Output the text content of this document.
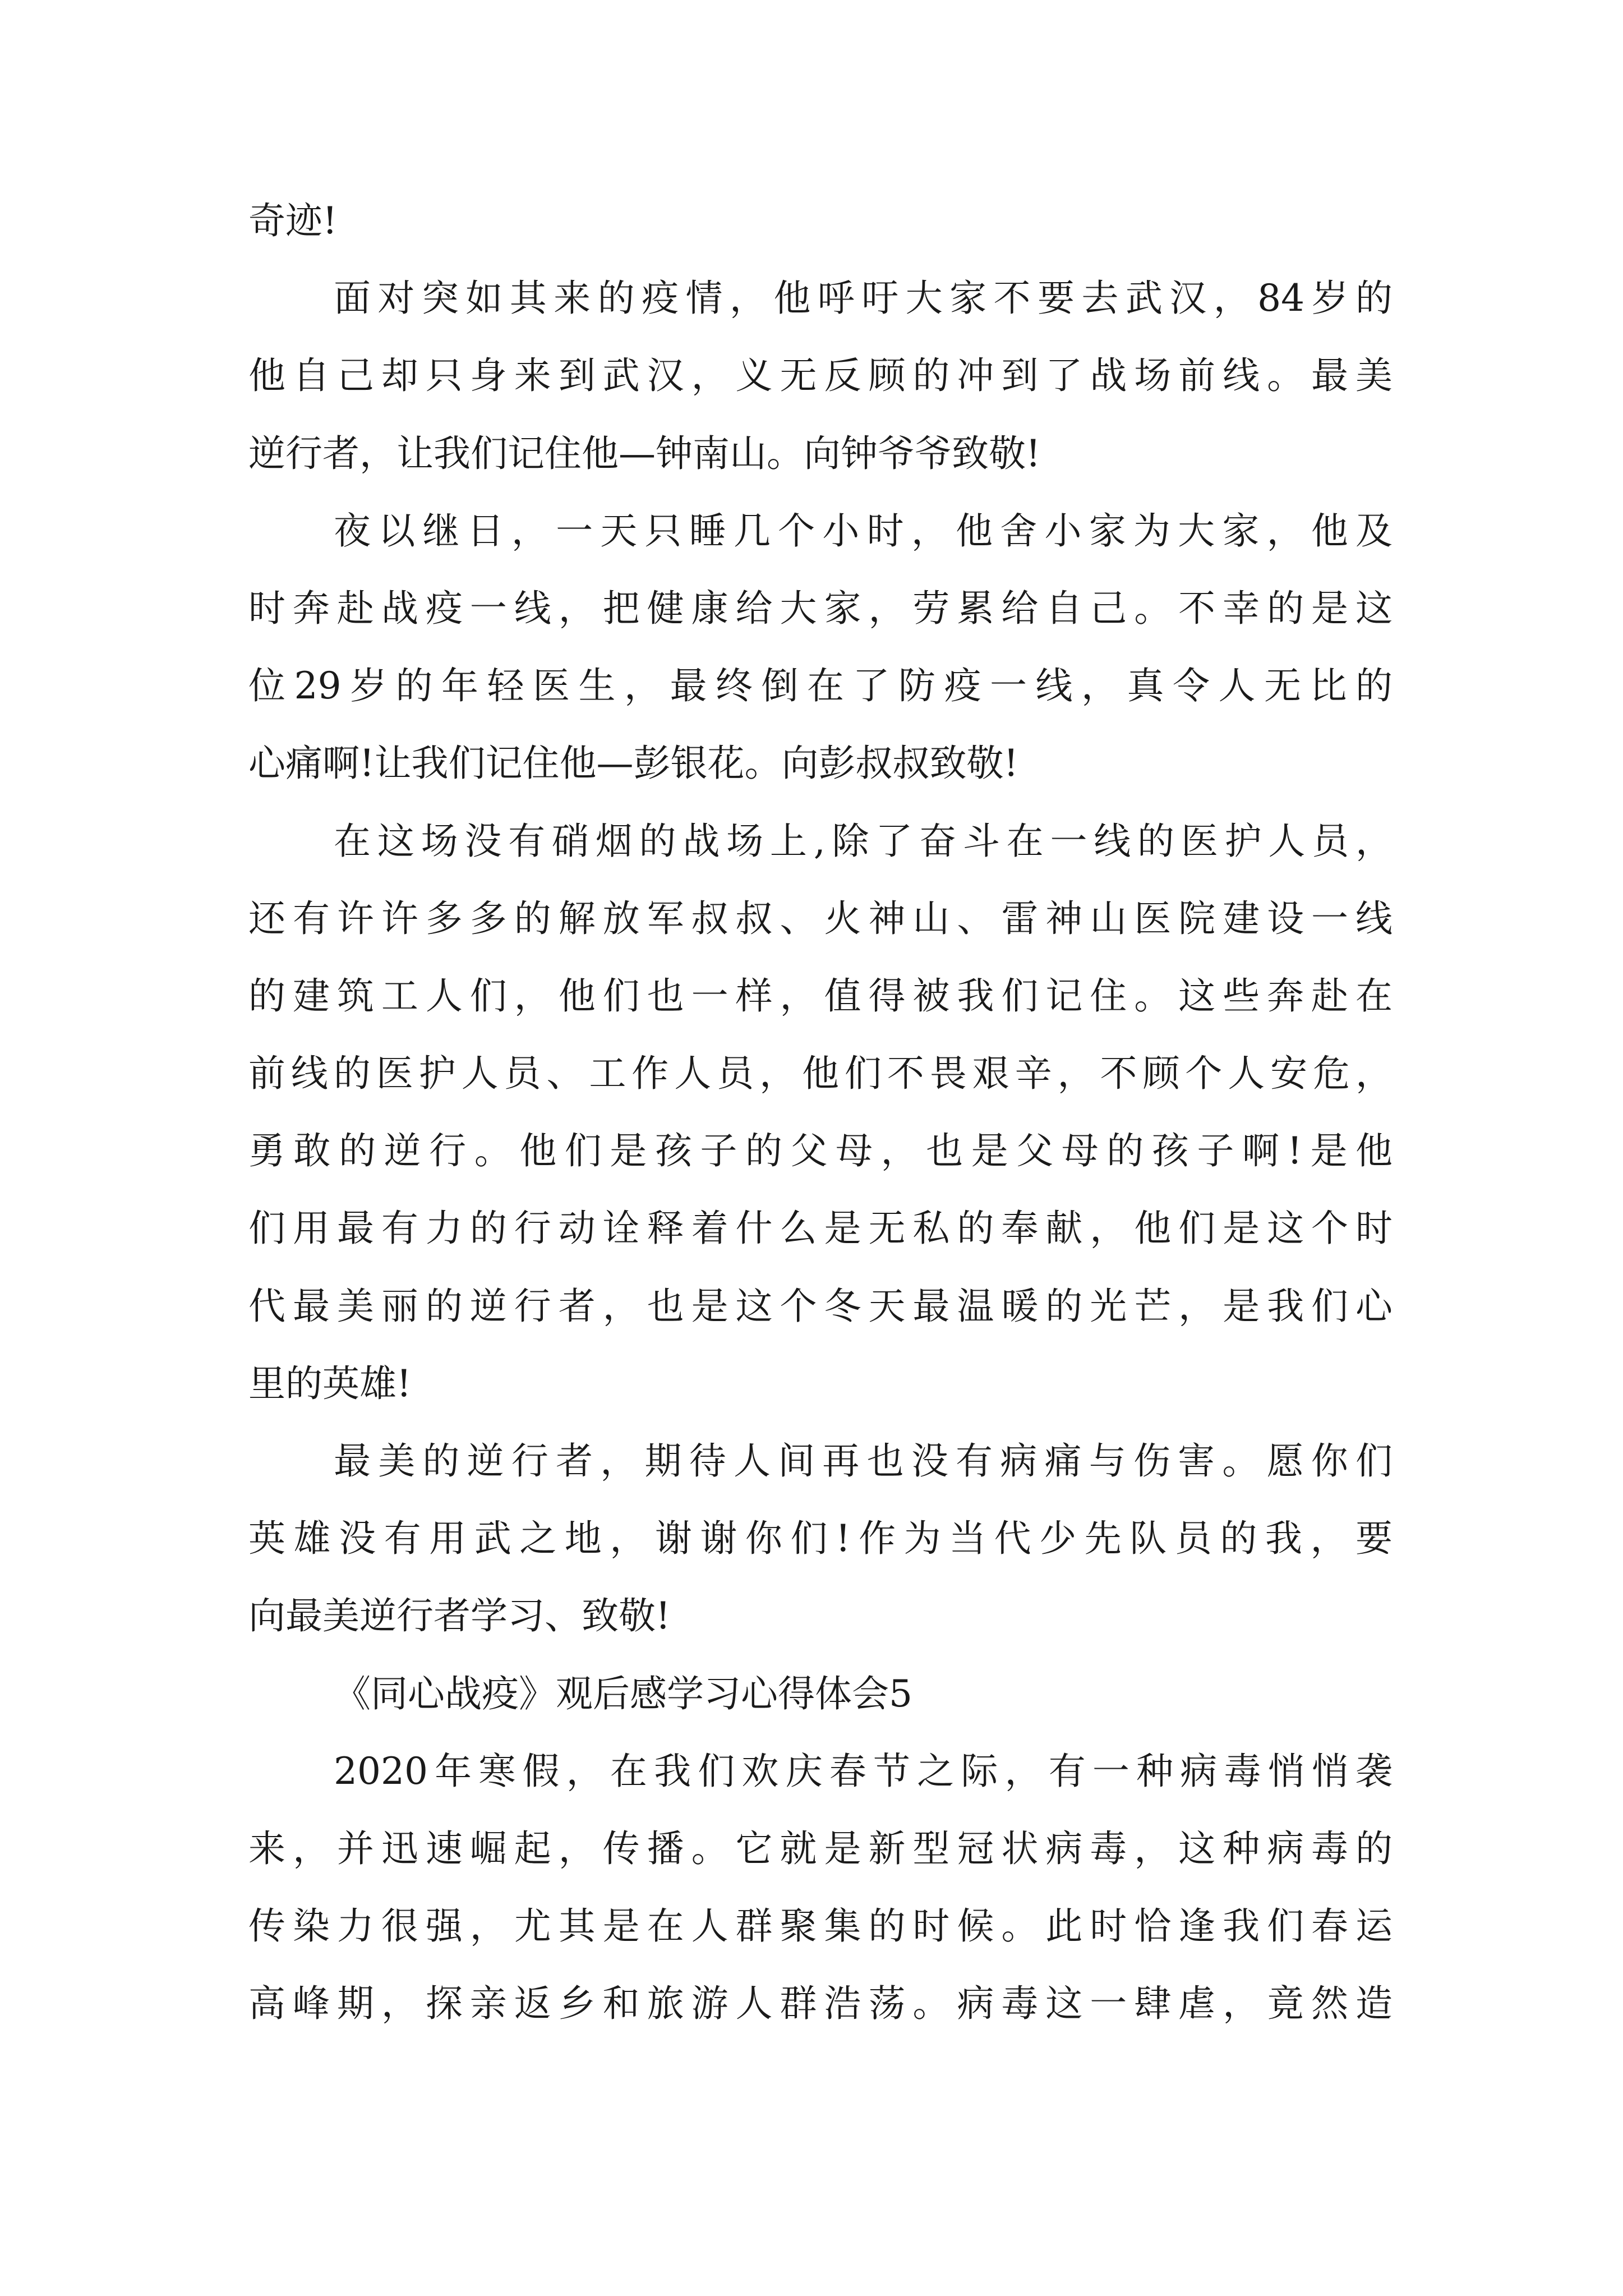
奇迹!
面对突如其来的疫情，他呼吁大家不要去武汉，84岁的
他自己却只身来到武汉，义无反顾的冲到了战场前线。最美
逆行者，让我们记住他—钟南山。向钟爷爷致敬!
夜以继日，一天只睡几个小时，他舍小家为大家，他及
时奔赴战疫一线，把健康给大家，劳累给自己。不幸的是这
位29岁的年轻医生，最终倒在了防疫一线，真令人无比的
心痛啊!让我们记住他—彭银花。向彭叔叔致敬!
在这场没有硝烟的战场上,除了奋斗在一线的医护人员，
还有许许多多的解放军叔叔、火神山、雷神山医院建设一线
的建筑工人们，他们也一样，值得被我们记住。这些奔赴在
前线的医护人员、工作人员，他们不畏艰辛，不顾个人安危，
勇敢的逆行。他们是孩子的父母，也是父母的孩子啊!是他
们用最有力的行动诠释着什么是无私的奉献，他们是这个时
代最美丽的逆行者，也是这个冬天最温暖的光芒，是我们心
里的英雄!
最美的逆行者，期待人间再也没有病痛与伤害。愿你们
英雄没有用武之地，谢谢你们!作为当代少先队员的我，要
向最美逆行者学习、致敬!
《同心战疫》观后感学习心得体会5
2020年寒假，在我们欢庆春节之际，有一种病毒悄悄袭
来，并迅速崛起，传播。它就是新型冠状病毒，这种病毒的
传染力很强，尤其是在人群聚集的时候。此时恰逢我们春运
高峰期，探亲返乡和旅游人群浩荡。病毒这一肆虐，竟然造
